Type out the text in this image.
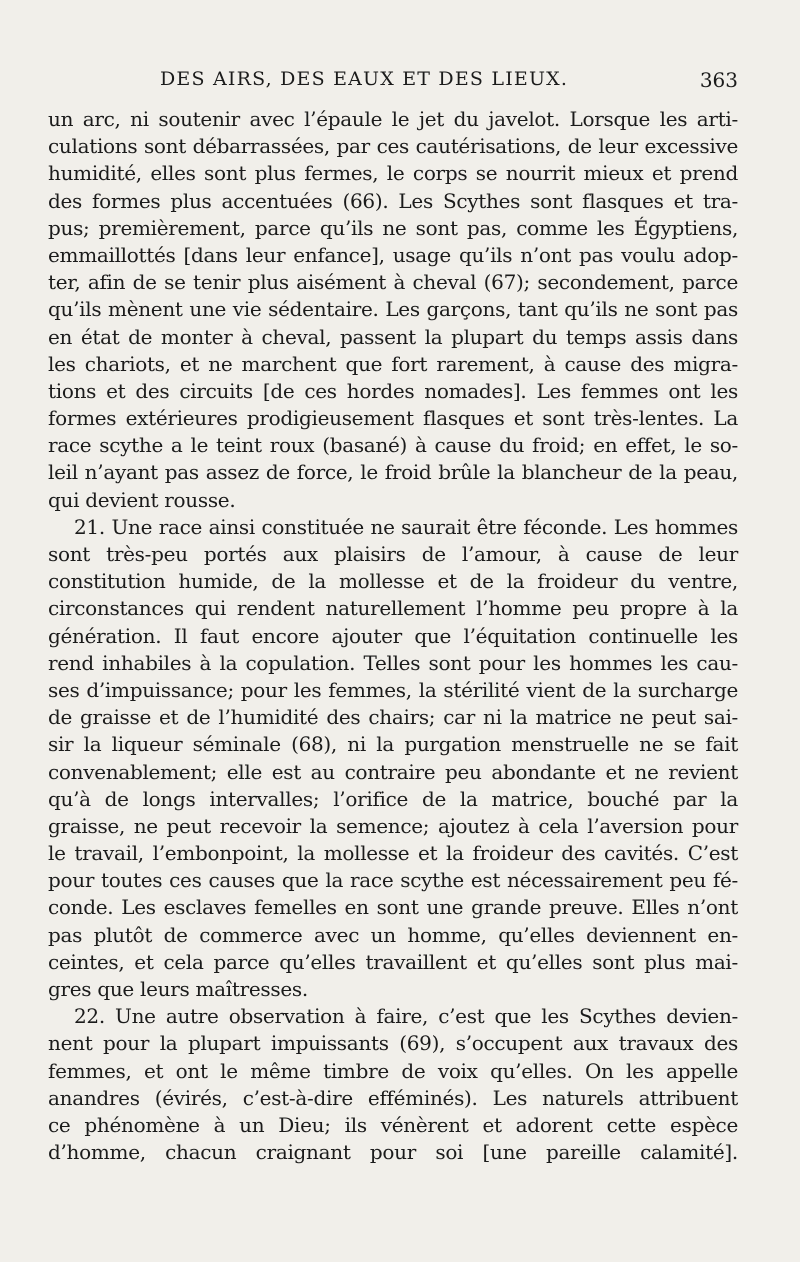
DES AIRS, DES EAUX ET DES LIEUX.	363
un arc, ni soutenir avec l’épaule le jet du javelot. Lorsque les arti-
culations sont débarrassées, par ces cautérisations, de leur excessive
humidité, elles sont plus fermes, le corps se nourrit mieux et prend
des formes plus accentuées (66). Les Scythes sont flasques et tra-
pus; premièrement, parce qu’ils ne sont pas, comme les Égyptiens,
emmaillottés [dans leur enfance], usage qu’ils n’ont pas voulu adop-
ter, afin de se tenir plus aisément à cheval (67); secondement, parce
qu’ils mènent une vie sédentaire. Les garçons, tant qu’ils ne sont pas
en état de monter à cheval, passent la plupart du temps assis dans
les chariots, et ne marchent que fort rarement, à cause des migra-
tions et des circuits [de ces hordes nomades]. Les femmes ont les
formes extérieures prodigieusement flasques et sont très-lentes. La
race scythe a le teint roux (basané) à cause du froid; en effet, le so-
leil n’ayant pas assez de force, le froid brûle la blancheur de la peau,
qui devient rousse.
21. Une race ainsi constituée ne saurait être féconde. Les hommes
sont très-peu portés aux plaisirs de l’amour, à cause de leur
constitution humide, de la mollesse et de la froideur du ventre,
circonstances qui rendent naturellement l’homme peu propre à la
génération. Il faut encore ajouter que l’équitation continuelle les
rend inhabiles à la copulation. Telles sont pour les hommes les cau-
ses d’impuissance; pour les femmes, la stérilité vient de la surcharge
de graisse et de l’humidité des chairs; car ni la matrice ne peut sai-
sir la liqueur séminale (68), ni la purgation menstruelle ne se fait
convenablement; elle est au contraire peu abondante et ne revient
qu’à de longs intervalles; l’orifice de la matrice, bouché par la
graisse, ne peut recevoir la semence; ajoutez à cela l’aversion pour
le travail, l’embonpoint, la mollesse et la froideur des cavités. C’est
pour toutes ces causes que la race scythe est nécessairement peu fé-
conde. Les esclaves femelles en sont une grande preuve. Elles n’ont
pas plutôt de commerce avec un homme, qu’elles deviennent en-
ceintes, et cela parce qu’elles travaillent et qu’elles sont plus mai-
gres que leurs maîtresses.
22. Une autre observation à faire, c’est que les Scythes devien-
nent pour la plupart impuissants (69), s’occupent aux travaux des
femmes, et ont le même timbre de voix qu’elles. On les appelle
anandres (évirés, c’est-à-dire efféminés). Les naturels attribuent
ce phénomène à un Dieu; ils vénèrent et adorent cette espèce
d’homme, chacun craignant pour soi [une pareille calamité].
